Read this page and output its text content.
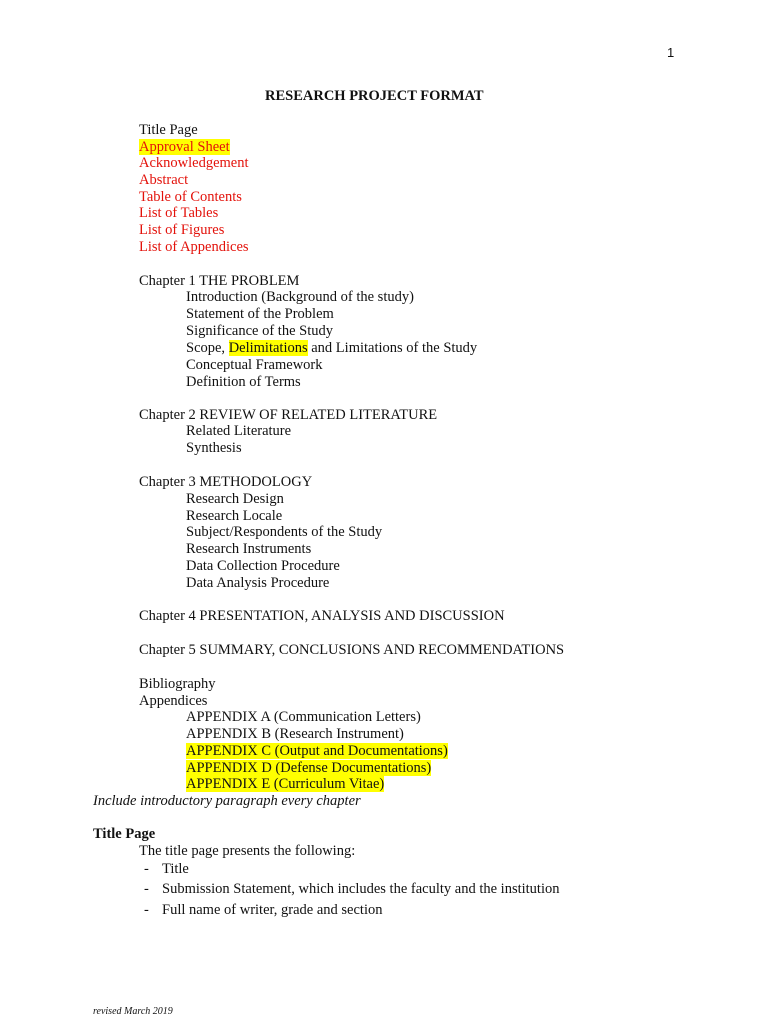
1
RESEARCH PROJECT FORMAT
Title Page
Approval Sheet
Acknowledgement
Abstract
Table of Contents
List of Tables
List of Figures
List of Appendices
Chapter 1 THE PROBLEM
Introduction (Background of the study)
Statement of the Problem
Significance of the Study
Scope, Delimitations and Limitations of the Study
Conceptual Framework
Definition of Terms
Chapter 2 REVIEW OF RELATED LITERATURE
Related Literature
Synthesis
Chapter 3 METHODOLOGY
Research Design
Research Locale
Subject/Respondents of the Study
Research Instruments
Data Collection Procedure
Data Analysis Procedure
Chapter 4 PRESENTATION, ANALYSIS AND DISCUSSION
Chapter 5 SUMMARY, CONCLUSIONS AND RECOMMENDATIONS
Bibliography
Appendices
APPENDIX A (Communication Letters)
APPENDIX B (Research Instrument)
APPENDIX C (Output and Documentations)
APPENDIX D (Defense Documentations)
APPENDIX E (Curriculum Vitae)
Include introductory paragraph every chapter
Title Page
The title page presents the following:
- Title
- Submission Statement, which includes the faculty and the institution
- Full name of writer, grade and section
revised March 2019
